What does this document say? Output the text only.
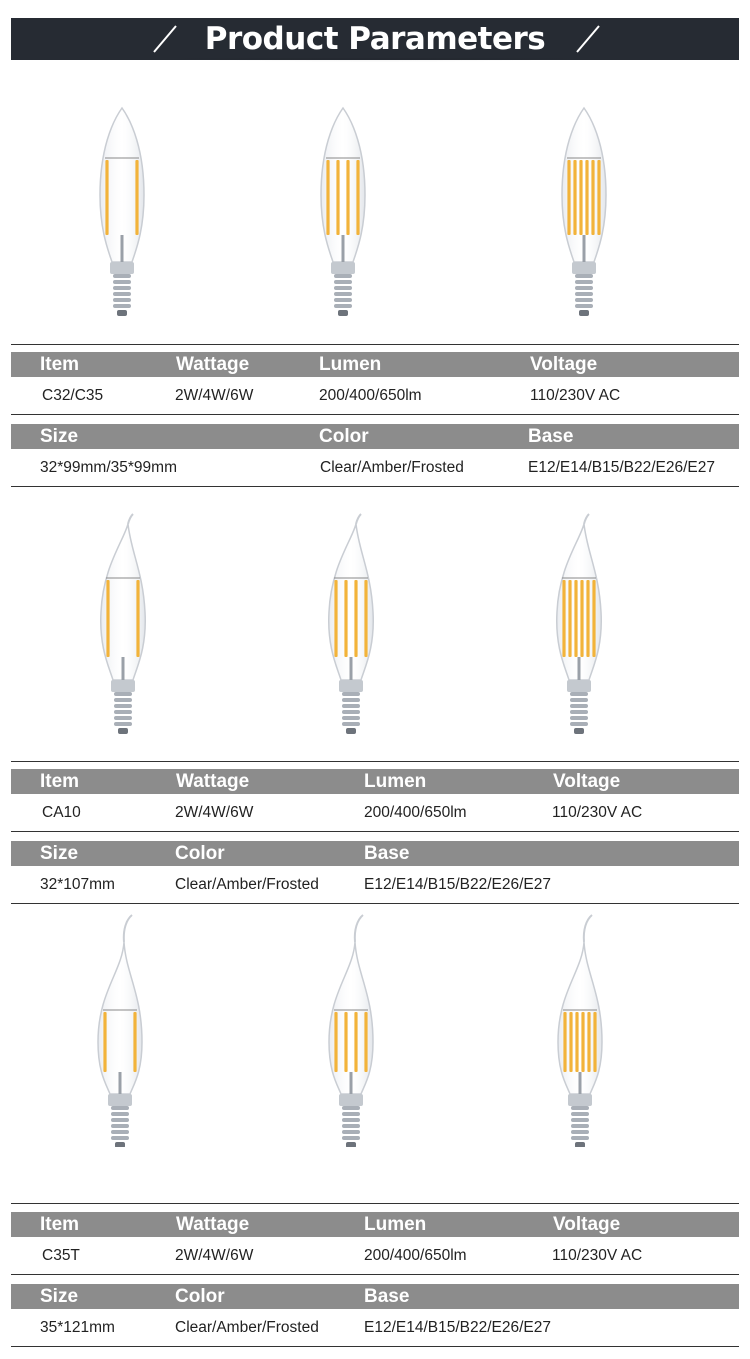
Product Parameters
Item	Wattage	Lumen	Voltage
C32/C35	2W/4W/6W	200/400/650lm	110/230V AC
Size	Color	Base
32*99mm/35*99mm	Clear/Amber/Frosted	E12/E14/B15/B22/E26/E27
Item	Wattage	Lumen	Voltage
CA10	2W/4W/6W	200/400/650lm	110/230V AC
Size	Color	Base
32*107mm	Clear/Amber/Frosted	E12/E14/B15/B22/E26/E27
Item	Wattage	Lumen	Voltage
C35T	2W/4W/6W	200/400/650lm	110/230V AC
Size	Color	Base
35*121mm	Clear/Amber/Frosted	E12/E14/B15/B22/E26/E27
